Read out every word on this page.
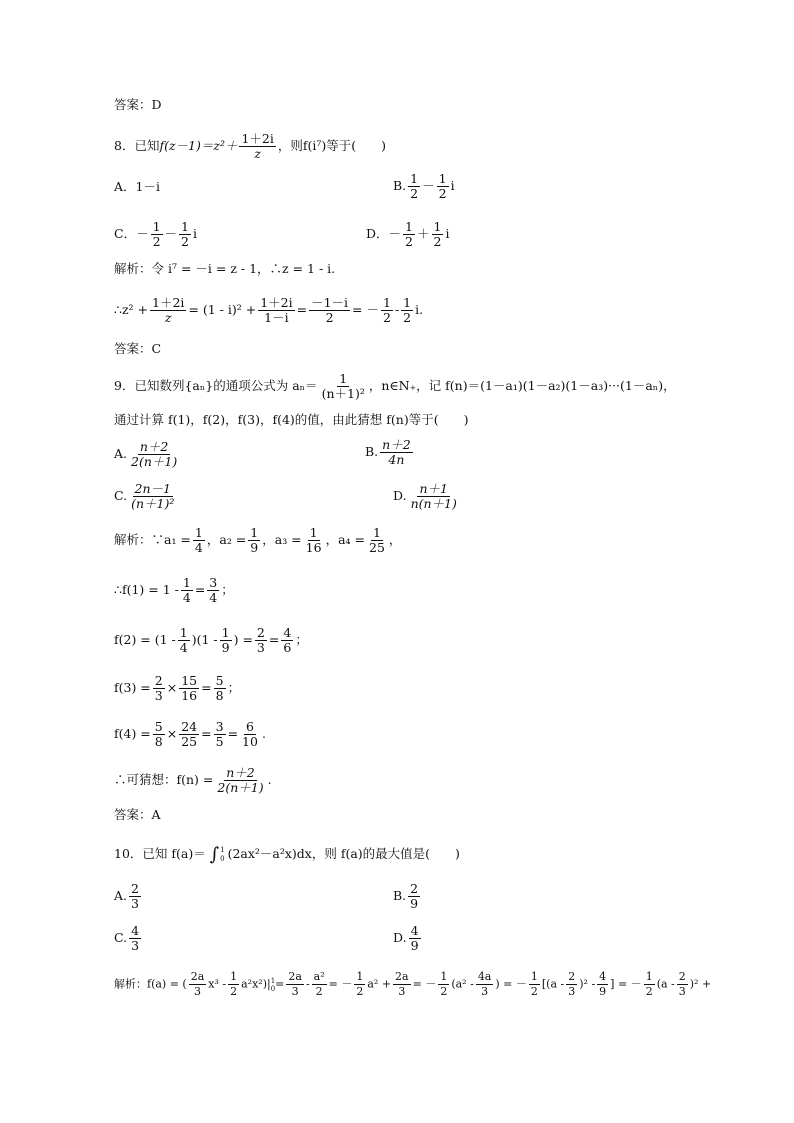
答案：D
8．已知$f(z-1)=z^2+ \frac{1+2i}{z}$ ，则f(i⁷)等于(　　)
A．1－i	B. $\frac{1}{2} - \frac{1}{2}$ i
C．－ $\frac{1}{2} - \frac{1}{2}$ i	D．－ $\frac{1}{2} + \frac{1}{2}$ i
解析：令 i⁷ = －i = z - 1，∴z = 1 - i.
∴z² + $\frac{1+2i}{z} = (1 - i)^2 + \frac{1+2i}{1-i} = \frac{-1-i}{2}$ = － $\frac{1}{2} - \frac{1}{2} i$.
答案：C
9．已知数列{aₙ}的通项公式为 $a_n= \frac{1}{\text{(n＋1)²}}$ ，n∈N₊，记 f(n)＝(1－a₁)(1－a₂)(1－a₃)···(1－aₙ)，
通过计算 f(1)，f(2)，f(3)，f(4)的值，由此猜想 f(n)等于(　　)
A. $\frac{n+2}{2(n+1)}$	B. $\frac{n+2}{4n}$
C. $\frac{2n-1}{\text{(n＋1)²}}$	D. $\frac{n+1}{n(n+1)}$
解析：∵a₁ = $\frac{1}{4}$ ，$a_2 = \frac{1}{9}$ ，$a_3 = \frac{1}{16}$ ，$a_4 = \frac{1}{25}$ ，
∴f(1) = $1 - \frac{1}{4} = \frac{3}{4}$ ；
$f(2) = (1 - \frac{1}{4} )(1 - \frac{1}{9}$ ) = $\frac{2}{3} = \frac{4}{6}$ ；
$f(3) = \frac{2}{3} \times \frac{15}{16} = \frac{5}{8}$ ；
$f(4) = \frac{5}{8} \times \frac{24}{25} = \frac{3}{5} = \frac{6}{10}$ .
∴可猜想：$f(n) = \frac{n+2}{2(n+1)}$ .
答案：A
10．已知 f(a)＝ ∫ 1
0 (2ax²－a²x)dx，则 f(a)的最大值是(　　)
A. $\frac{2}{3}$	B. $\frac{2}{9}$
C. $\frac{4}{3}$	D. $\frac{4}{9}$
解析：f(a) = ( $\frac{2a}{3} x^3 - \frac{1}{2} a^2x^2)|$ 1
$0 = \frac{2a}{3} - \frac{\text{a²}}{2}$ = － $\frac{1}{2} a^2 + \frac{2a}{3}$ = － $\frac{1}{2} (a^2 - \frac{4a}{3}$ ) = － $\frac{1}{2} [(a - \frac{2}{3} )^2 - \frac{4}{9}$ ] = － $\frac{1}{2} (a - \frac{2}{3} )^2$ +
